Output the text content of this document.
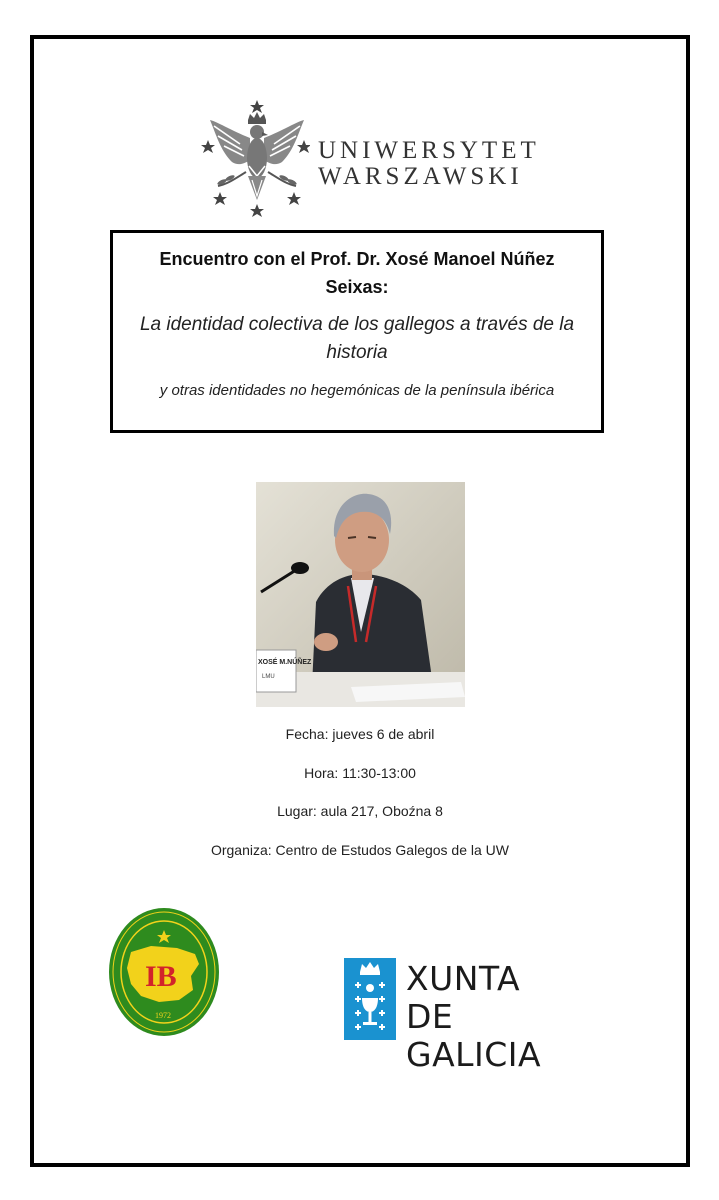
UNIWERSYTET
WARSZAWSKI
Encuentro con el Prof. Dr. Xosé Manoel Núñez Seixas:
La identidad colectiva de los gallegos a través de la historia
y otras identidades no hegemónicas de la península ibérica
XOSÉ M.NÚÑEZ
LMU
Fecha: jueves 6 de abril
Hora: 11:30-13:00
Lugar: aula 217, Oboźna 8
Organiza: Centro de Estudos Galegos de la UW
IB
1972
XUNTA
DE GALICIA
